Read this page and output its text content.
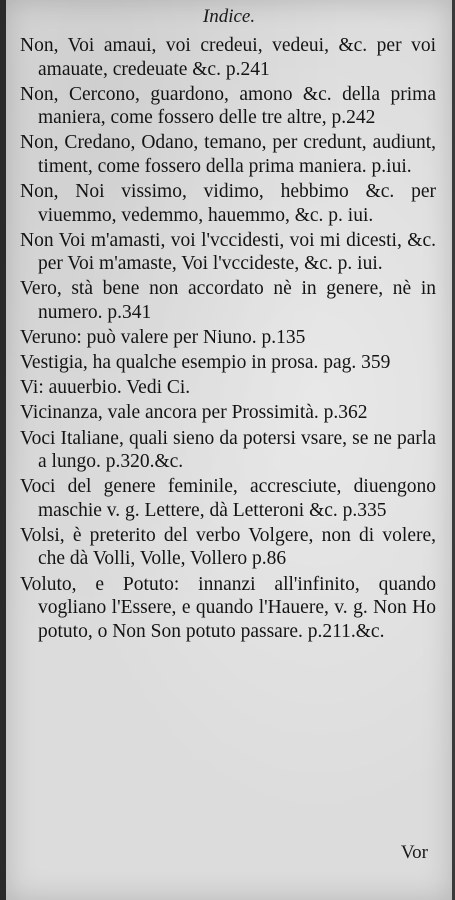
Indice.

Non, Voi amaui, voi credeui, vedeui, &c. per voi amauate, credeuate &c. p.241

Non, Cercono, guardono, amono &c. della prima maniera, come fossero delle tre altre, p.242

Non, Credano, Odano, temano, per credunt, audiunt, timent, come fossero della prima maniera. p.iui.

Non, Noi vissimo, vidimo, hebbimo &c. per viuemmo, vedemmo, hauemmo, &c. p. iui.

Non Voi m'amasti, voi l'vccidesti, voi mi dicesti, &c. per Voi m'amaste, Voi l'vccideste, &c. p. iui.

Vero, stà bene non accordato nè in genere, nè in numero. p.341

Veruno: può valere per Niuno. p.135

Vestigia, ha qualche esempio in prosa. pag. 359

Vi: auuerbio. Vedi Ci.

Vicinanza, vale ancora per Prossimità. p.362

Voci Italiane, quali sieno da potersi vsare, se ne parla a lungo. p.320.&c.

Voci del genere feminile, accresciute, diuengono maschie v. g. Lettere, dà Letteroni &c. p.335

Volsi, è preterito del verbo Volgere, non di volere, che dà Volli, Volle, Vollero p.86

Voluto, e Potuto: innanzi all'infinito, quando vogliano l'Essere, e quando l'Hauere, v. g. Non Ho potuto, o Non Son potuto passare. p.211.&c.

Vor
